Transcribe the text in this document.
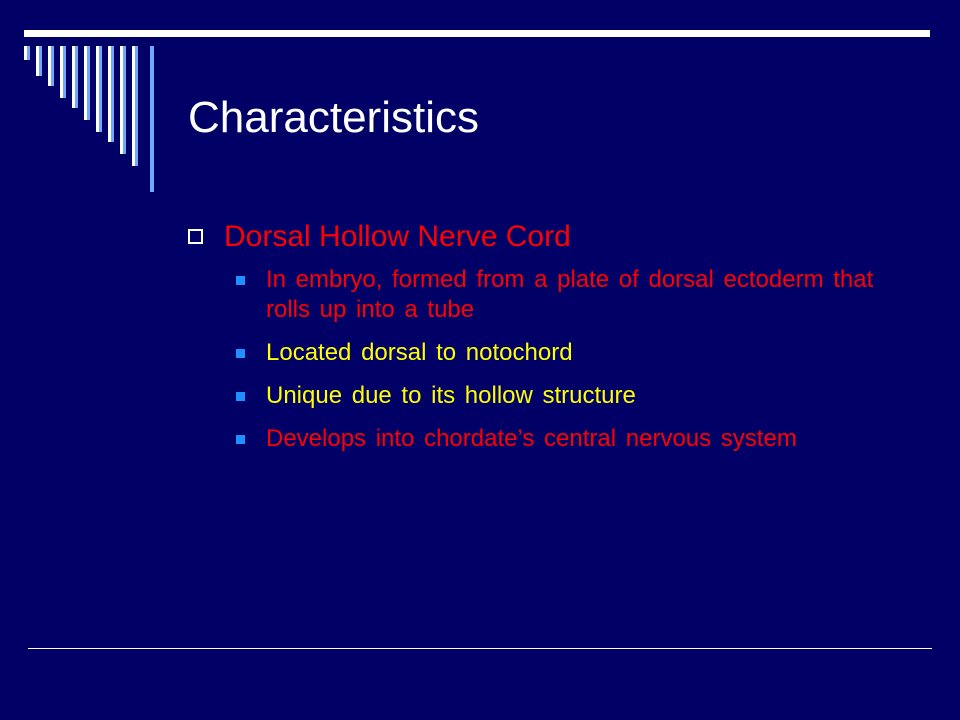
Characteristics
Dorsal Hollow Nerve Cord
In embryo, formed from a plate of dorsal ectoderm that rolls up into a tube
Located dorsal to notochord
Unique due to its hollow structure
Develops into chordate’s central nervous system
